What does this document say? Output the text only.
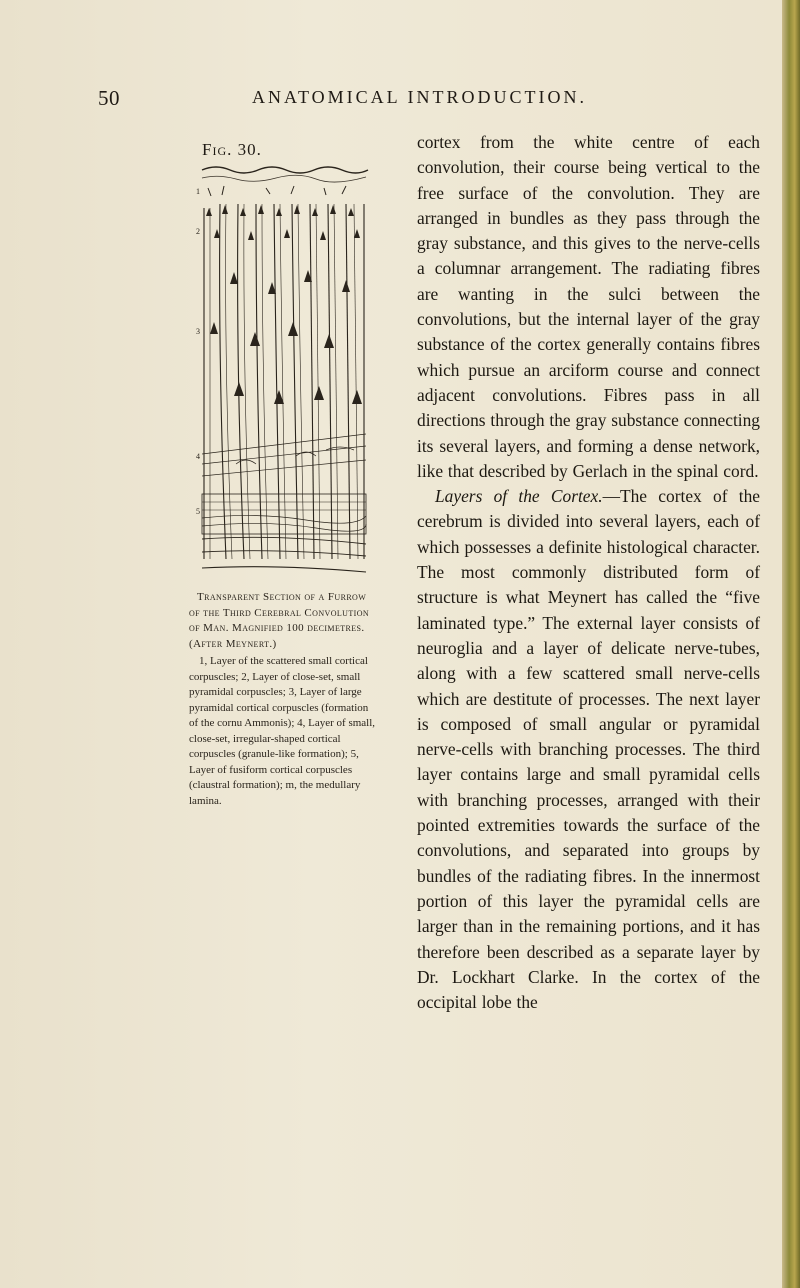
50	ANATOMICAL INTRODUCTION.
Fig. 30.
1
2
3
4
5

Transparent Section of a Furrow of the Third Cerebral Convolution of Man. Magnified 100 decimetres. (After Meynert.)

1, Layer of the scattered small cortical corpuscles; 2, Layer of close-set, small pyramidal corpuscles; 3, Layer of large pyramidal cortical corpuscles (formation of the cornu Ammonis); 4, Layer of small, close-set, irregular-shaped cortical corpuscles (granule-like formation); 5, Layer of fusiform cortical corpuscles (claustral formation); m, the medullary lamina.

cortex from the white centre of each convolution, their course being vertical to the free surface of the convolution. They are arranged in bundles as they pass through the gray substance, and this gives to the nerve-cells a columnar arrangement. The radiating fibres are wanting in the sulci between the convolutions, but the internal layer of the gray substance of the cortex generally contains fibres which pursue an arciform course and connect adjacent convolutions. Fibres pass in all directions through the gray substance connecting its several layers, and forming a dense network, like that described by Gerlach in the spinal cord.

Layers of the Cortex.—The cortex of the cerebrum is divided into several layers, each of which possesses a definite histological character. The most commonly distributed form of structure is what Meynert has called the “five laminated type.” The external layer consists of neuroglia and a layer of delicate nerve-tubes, along with a few scattered small nerve-cells which are destitute of processes. The next layer is composed of small angular or pyramidal nerve-cells with branching processes. The third layer contains large and small pyramidal cells with branching processes, arranged with their pointed extremities towards the surface of the convolutions, and separated into groups by bundles of the radiating fibres. In the innermost portion of this layer the pyramidal cells are larger than in the remaining portions, and it has therefore been described as a separate layer by Dr. Lockhart Clarke. In the cortex of the occipital lobe the
